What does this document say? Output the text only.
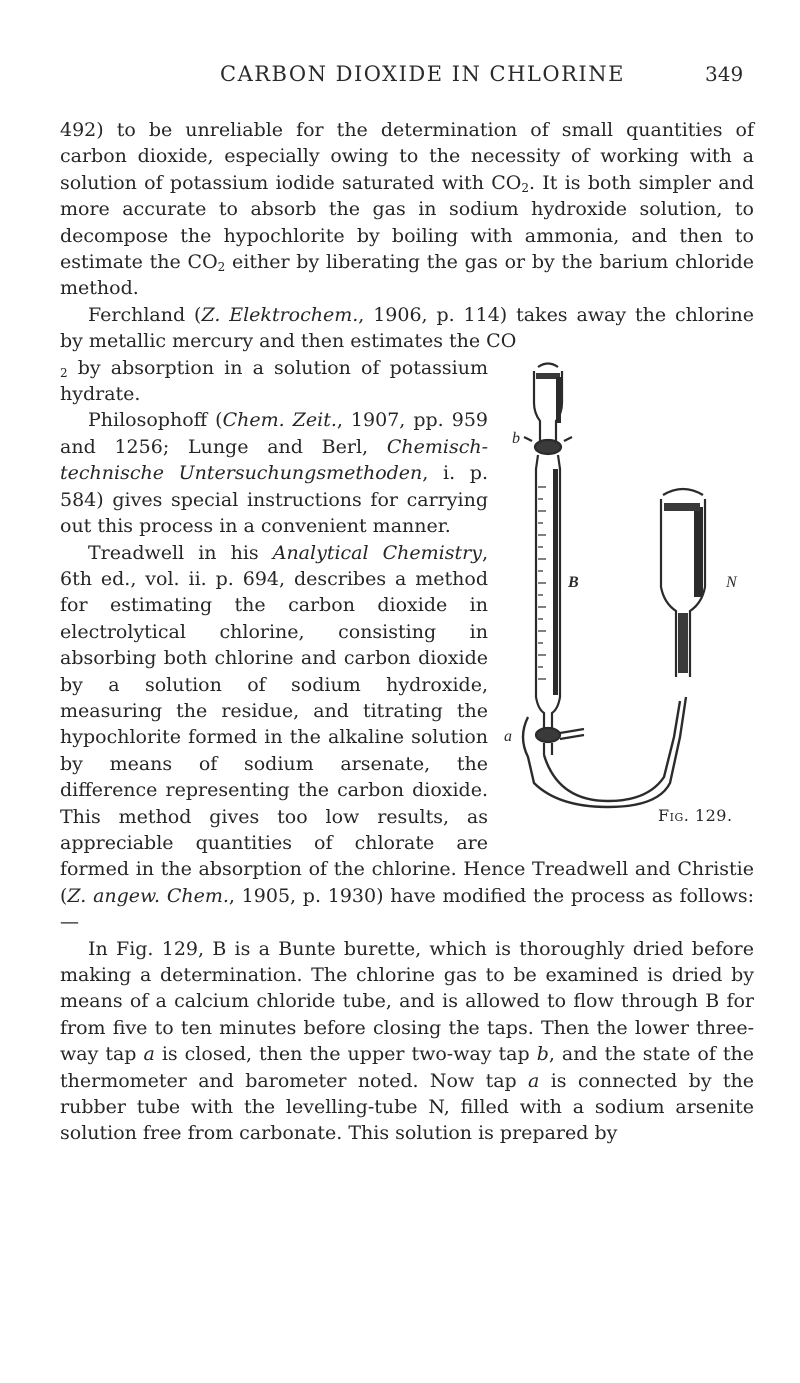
CARBON DIOXIDE IN CHLORINE	349

492) to be unreliable for the determination of small quantities of carbon dioxide, especially owing to the necessity of working with a solution of potassium iodide saturated with $CO_2$. It is both simpler and more accurate to absorb the gas in sodium hydroxide solution, to decompose the hypochlorite by boiling with ammonia, and then to estimate the $CO_2$ either by liberating the gas or by the barium chloride method.

Ferchland (Z. Elektrochem., 1906, p. 114) takes away the chlorine by metallic mercury and then estimates the CO

b
B	N
a
Fig. 129.
$_2$ by absorption in a solution of potassium hydrate.

Philosophoff (Chem. Zeit., 1907, pp. 959 and 1256; Lunge and Berl, Chemisch-technische Untersuchungsmethoden, i. p. 584) gives special instructions for carrying out this process in a convenient manner.

Treadwell in his Analytical Chemistry, 6th ed., vol. ii. p. 694, describes a method for estimating the carbon dioxide in electrolytical chlorine, consisting in absorbing both chlorine and carbon dioxide by a solution of sodium hydroxide, measuring the residue, and titrating the hypochlorite formed in the alkaline solution by means of sodium arsenate, the difference representing the carbon dioxide. This method gives too low results, as appreciable quantities of chlorate are formed in the absorption of the chlorine. Hence Treadwell and Christie (Z. angew. Chem., 1905, p. 1930) have modified the process as follows:—

In Fig. 129, B is a Bunte burette, which is thoroughly dried before making a determination. The chlorine gas to be examined is dried by means of a calcium chloride tube, and is allowed to flow through B for from five to ten minutes before closing the taps. Then the lower three-way tap a is closed, then the upper two-way tap b, and the state of the thermometer and barometer noted. Now tap a is connected by the rubber tube with the levelling-tube N, filled with a sodium arsenite solution free from carbonate. This solution is prepared by
